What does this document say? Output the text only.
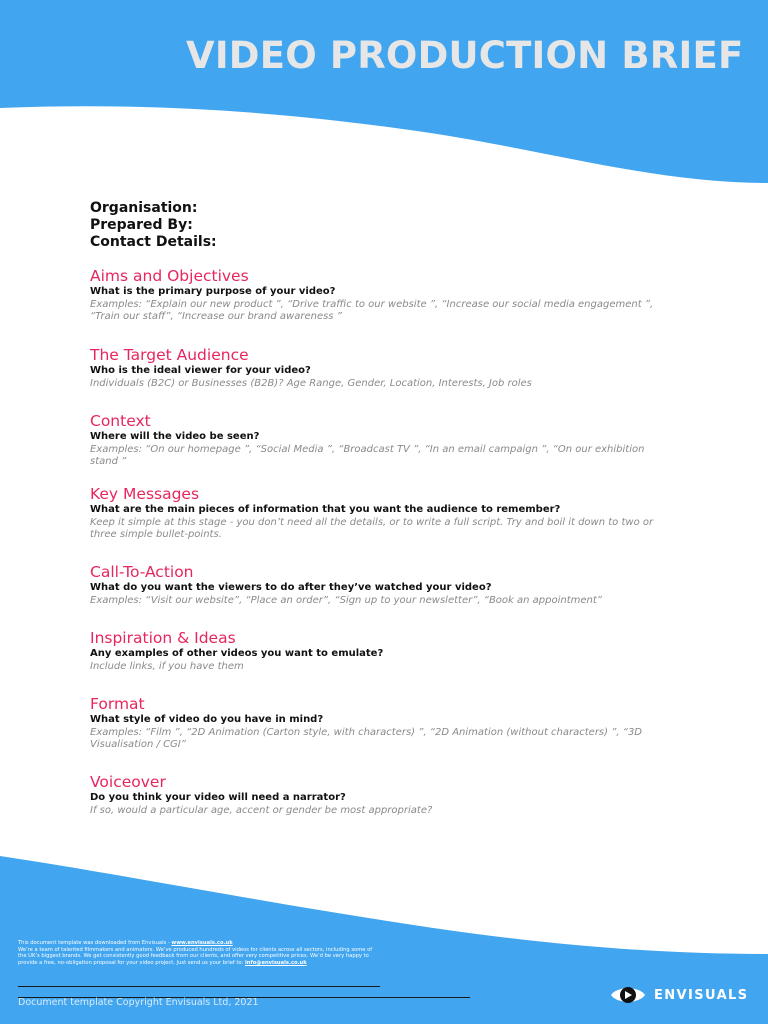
VIDEO PRODUCTION BRIEF
Organisation:
Prepared By:
Contact Details:
Aims and Objectives
What is the primary purpose of your video?
Examples: “Explain our new product ”, “Drive traffic to our website ”, “Increase our social media engagement ”, “Train our staff”, “Increase our brand awareness ”
The Target Audience
Who is the ideal viewer for your video?
Individuals (B2C) or Businesses (B2B)? Age Range, Gender, Location, Interests, Job roles
Context
Where will the video be seen?
Examples: “On our homepage ”, “Social Media ”, “Broadcast TV ”, “In an email campaign ”, “On our exhibition stand ”
Key Messages
What are the main pieces of information that you want the audience to remember?
Keep it simple at this stage - you don’t need all the details, or to write a full script. Try and boil it down to two or three simple bullet-points.
Call-To-Action
What do you want the viewers to do after they’ve watched your video?
Examples: “Visit our website”, “Place an order”, “Sign up to your newsletter”, “Book an appointment”
Inspiration & Ideas
Any examples of other videos you want to emulate?
Include links, if you have them
Format
What style of video do you have in mind?
Examples: “Film ”, “2D Animation (Carton style, with characters) ”, “2D Animation (without characters) ”, “3D Visualisation / CGI”
Voiceover
Do you think your video will need a narrator?
If so, would a particular age, accent or gender be most appropriate?
This document template was downloaded from Envisuals - www.envisuals.co.uk
We’re a team of talented filmmakers and animators. We’ve produced hundreds of videos for clients across all sectors, including some of the UK’s biggest brands. We get consistently good feedback from our clients, and offer very competitive prices. We’d be very happy to provide a free, no-obligation proposal for your video project. Just send us your brief to: info@envisuals.co.uk
Document template Copyright Envisuals Ltd, 2021	ENVISUALS
